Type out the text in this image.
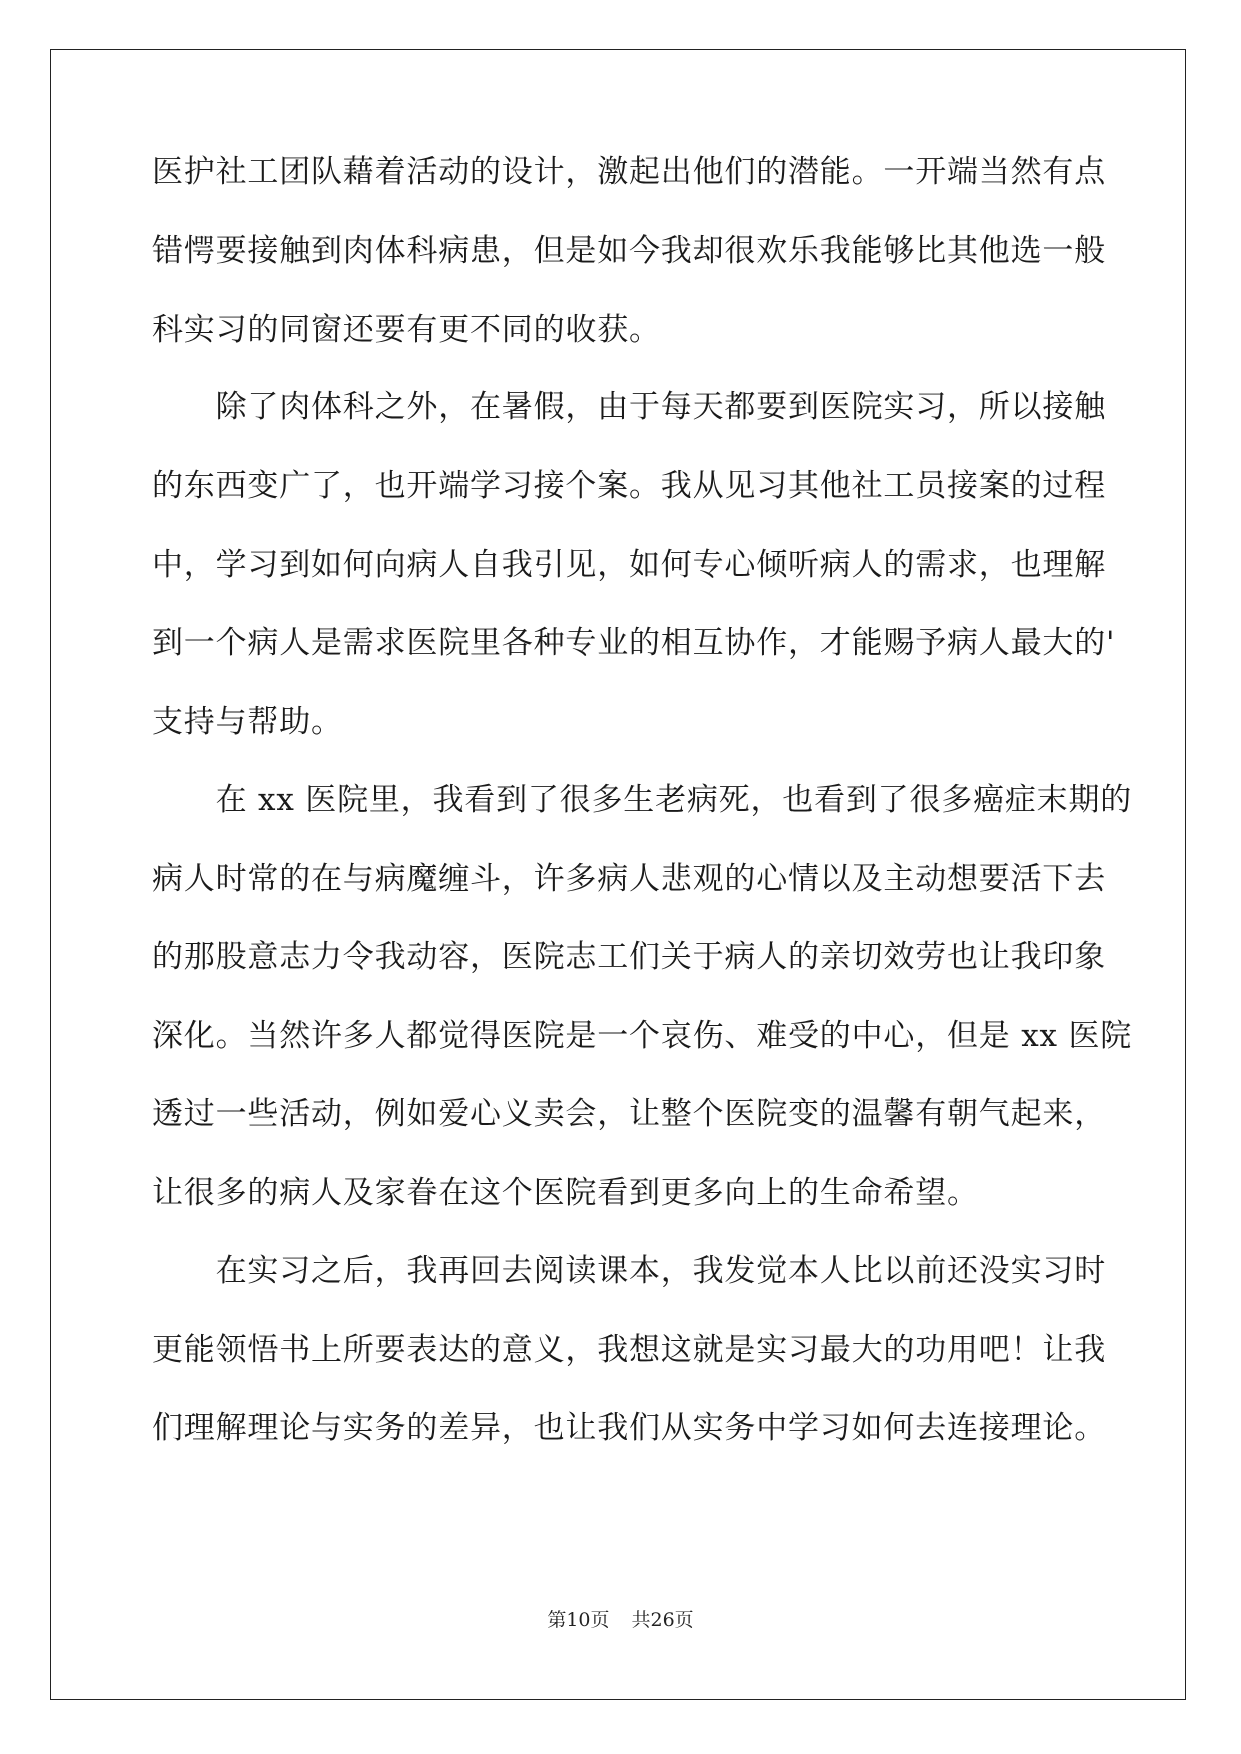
医护社工团队藉着活动的设计，激起出他们的潜能。一开端当然有点
错愕要接触到肉体科病患，但是如今我却很欢乐我能够比其他选一般
科实习的同窗还要有更不同的收获。
　　除了肉体科之外，在暑假，由于每天都要到医院实习，所以接触
的东西变广了，也开端学习接个案。我从见习其他社工员接案的过程
中，学习到如何向病人自我引见，如何专心倾听病人的需求，也理解
到一个病人是需求医院里各种专业的相互协作，才能赐予病人最大的'
支持与帮助。
　　在 xx 医院里，我看到了很多生老病死，也看到了很多癌症末期的
病人时常的在与病魔缠斗，许多病人悲观的心情以及主动想要活下去
的那股意志力令我动容，医院志工们关于病人的亲切效劳也让我印象
深化。当然许多人都觉得医院是一个哀伤、难受的中心，但是 xx 医院
透过一些活动，例如爱心义卖会，让整个医院变的温馨有朝气起来，
让很多的病人及家眷在这个医院看到更多向上的生命希望。
　　在实习之后，我再回去阅读课本，我发觉本人比以前还没实习时
更能领悟书上所要表达的意义，我想这就是实习最大的功用吧！让我
们理解理论与实务的差异，也让我们从实务中学习如何去连接理论。
第10页 共26页
